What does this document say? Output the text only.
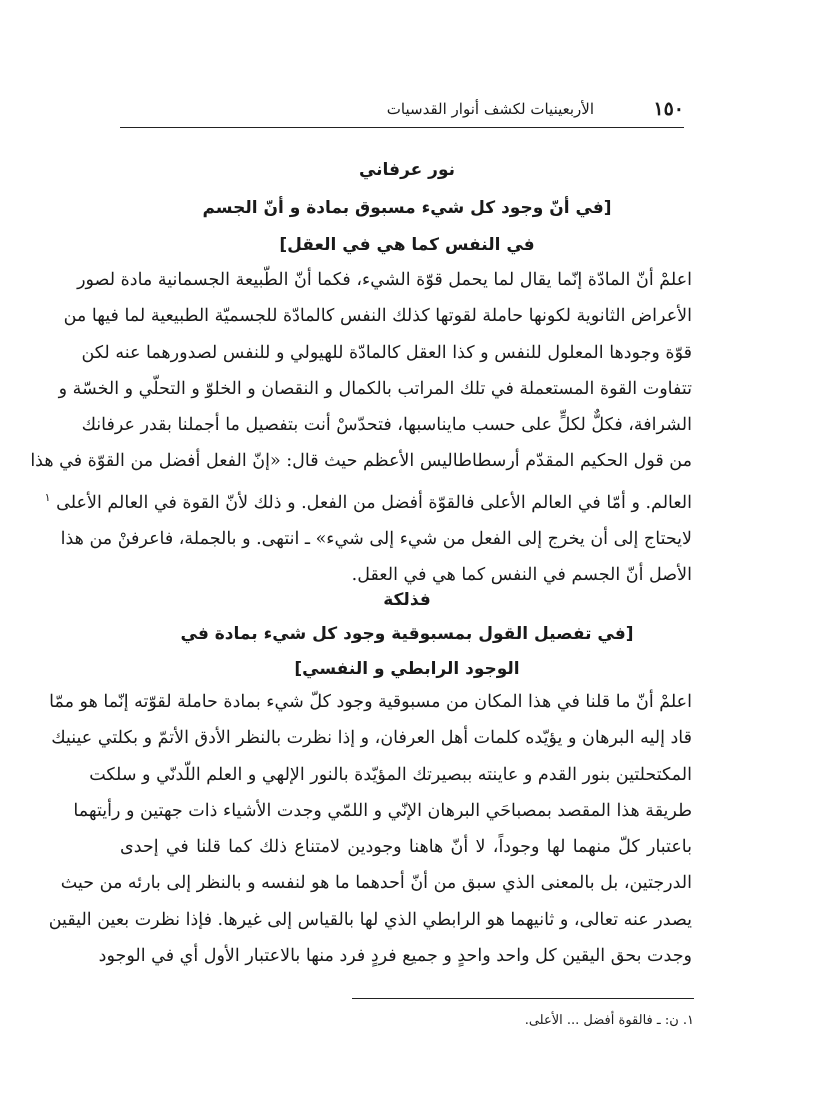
١٥٠
الأربعينيات لكشف أنوار القدسيات
نور عرفاني
[في أنّ وجود كل شيء مسبوق بمادة و أنّ الجسم
في النفس كما هي في العقل]
اعلمْ أنّ المادّة إنّما يقال لما يحمل قوّة الشيء، فكما أنّ الطّبيعة الجسمانية مادة لصور
الأعراض الثانوية لكونها حاملة لقوتها كذلك النفس كالمادّة للجسميّة الطبيعية لما فيها من
قوّة وجودها المعلول للنفس و كذا العقل كالمادّة للهيولي و للنفس لصدورهما عنه لكن
تتفاوت القوة المستعملة في تلك المراتب بالكمال و النقصان و الخلوّ و التحلّي و الخسّة و
الشرافة، فكلٌّ لكلٍّ على حسب مايناسبها، فتحدّسْ أنت بتفصيل ما أجملنا بقدر عرفانك
من قول الحكيم المقدّم أرسطاطاليس الأعظم حيث قال: «إنّ الفعل أفضل من القوّة في هذا
العالم. و أمّا في العالم الأعلى فالقوّة أفضل من الفعل. و ذلك لأنّ القوة في العالم الأعلى $^١$
لايحتاج إلى أن يخرج إلى الفعل من شيء إلى شيء» ـ انتهى. و بالجملة، فاعرفنْ من هذا
الأصل أنّ الجسم في النفس كما هي في العقل.
فذلكة
[في تفصيل القول بمسبوقية وجود كل شيء بمادة في
الوجود الرابطي و النفسي]
اعلمْ أنّ ما قلنا في هذا المكان من مسبوقية وجود كلّ شيء بمادة حاملة لقوّته إنّما هو ممّا
قاد إليه البرهان و يؤيّده كلمات أهل العرفان، و إذا نظرت بالنظر الأدق الأتمّ و بكلتي عينيك
المكتحلتين بنور القدم و عاينته ببصيرتك المؤيّدة بالنور الإلهي و العلم اللّدنّي و سلكت
طريقة هذا المقصد بمصباحَي البرهان الإنّي و اللمّي وجدت الأشياء ذات جهتين و رأيتهما
باعتبار كلّ منهما لها وجوداً، لا أنّ هاهنا وجودين لامتناع ذلك كما قلنا في إحدى
الدرجتين، بل بالمعنى الذي سبق من أنّ أحدهما ما هو لنفسه و بالنظر إلى بارئه من حيث
يصدر عنه تعالى، و ثانيهما هو الرابطي الذي لها بالقياس إلى غيرها. فإذا نظرت بعين اليقين
وجدت بحق اليقين كل واحد واحدٍ و جميع فردٍ فرد منها بالاعتبار الأول أي في الوجود
١. ن: ـ فالقوة أفضل ... الأعلى.
